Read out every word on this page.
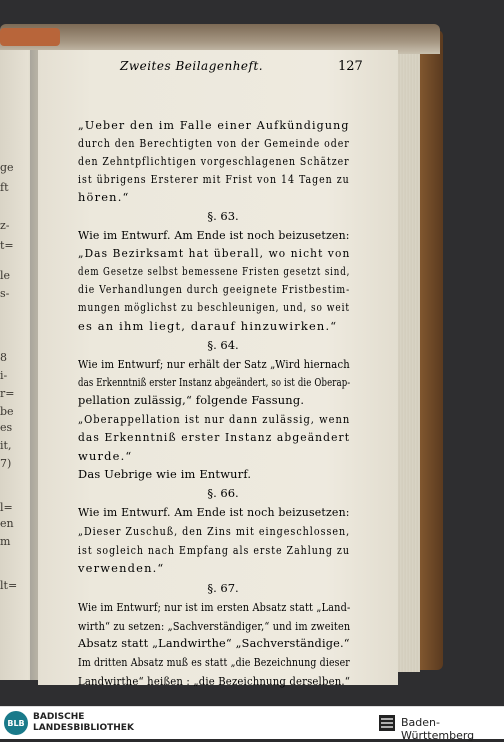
ge
ft
z-
t=
le
s-
8
i-
r=
be
es
it,
7)
l=
en
m
lt=
Zweites Beilagenheft.	127
„Ueber den im Falle einer Aufkündigung
durch den Berechtigten von der Gemeinde oder
den Zehntpflichtigen vorgeschlagenen Schätzer
ist übrigens Ersterer mit Frist von 14 Tagen zu
hören.“
§. 63.
Wie im Entwurf. Am Ende ist noch beizusetzen:
„Das Bezirksamt hat überall, wo nicht von
dem Gesetze selbst bemessene Fristen gesetzt sind,
die Verhandlungen durch geeignete Fristbestim-
mungen möglichst zu beschleunigen, und, so weit
es an ihm liegt, darauf hinzuwirken.“
§. 64.
Wie im Entwurf; nur erhält der Satz „Wird hiernach
das Erkenntniß erster Instanz abgeändert, so ist die Oberap-
pellation zulässig,“ folgende Fassung.
„Oberappellation ist nur dann zulässig, wenn
das Erkenntniß erster Instanz abgeändert
wurde.“
Das Uebrige wie im Entwurf.
§. 66.
Wie im Entwurf. Am Ende ist noch beizusetzen:
„Dieser Zuschuß, den Zins mit eingeschlossen,
ist sogleich nach Empfang als erste Zahlung zu
verwenden.“
§. 67.
Wie im Entwurf; nur ist im ersten Absatz statt „Land-
wirth“ zu setzen: „Sachverständiger,“ und im zweiten
Absatz statt „Landwirthe“ „Sachverständige.“
Im dritten Absatz muß es statt „die Bezeichnung dieser
Landwirthe“ heißen : „die Bezeichnung derselben.“
BLB
BADISCHE
LANDESBIBLIOTHEK	Baden-Württemberg
